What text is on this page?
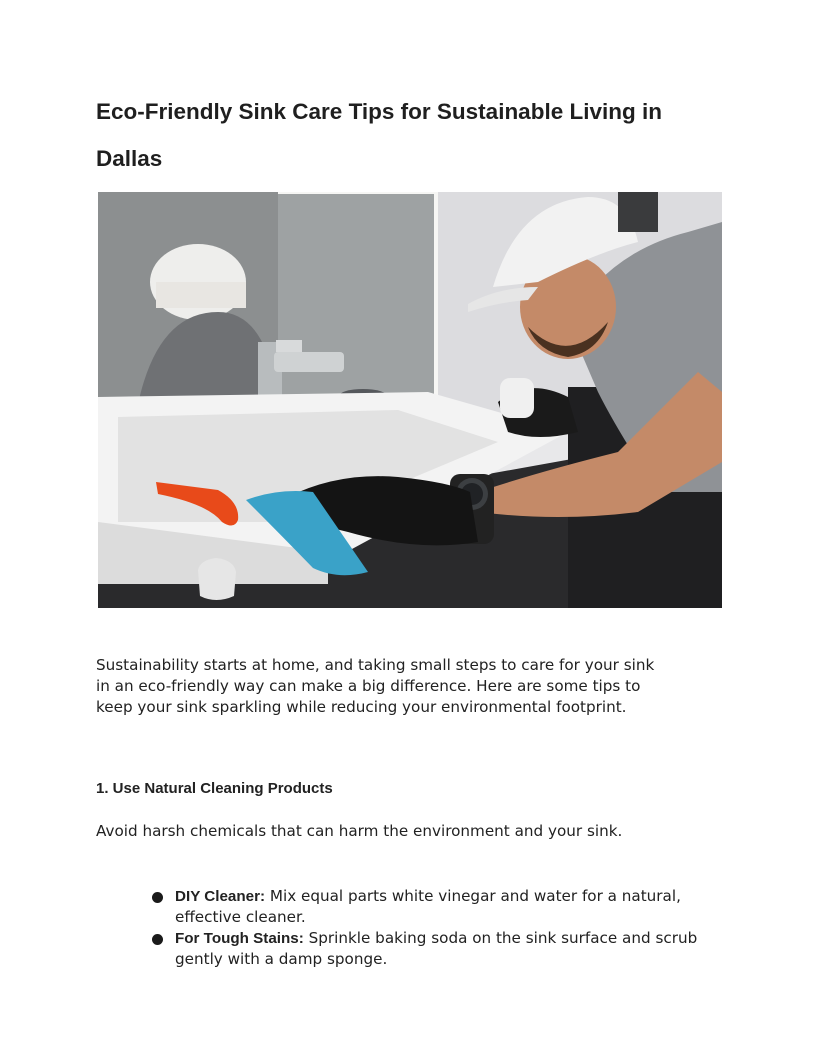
Eco-Friendly Sink Care Tips for Sustainable Living in Dallas

Sustainability starts at home, and taking small steps to care for your sink in an eco-friendly way can make a big difference. Here are some tips to keep your sink sparkling while reducing your environmental footprint.

1. Use Natural Cleaning Products

Avoid harsh chemicals that can harm the environment and your sink.

DIY Cleaner: Mix equal parts white vinegar and water for a natural, effective cleaner.
For Tough Stains: Sprinkle baking soda on the sink surface and scrub gently with a damp sponge.
